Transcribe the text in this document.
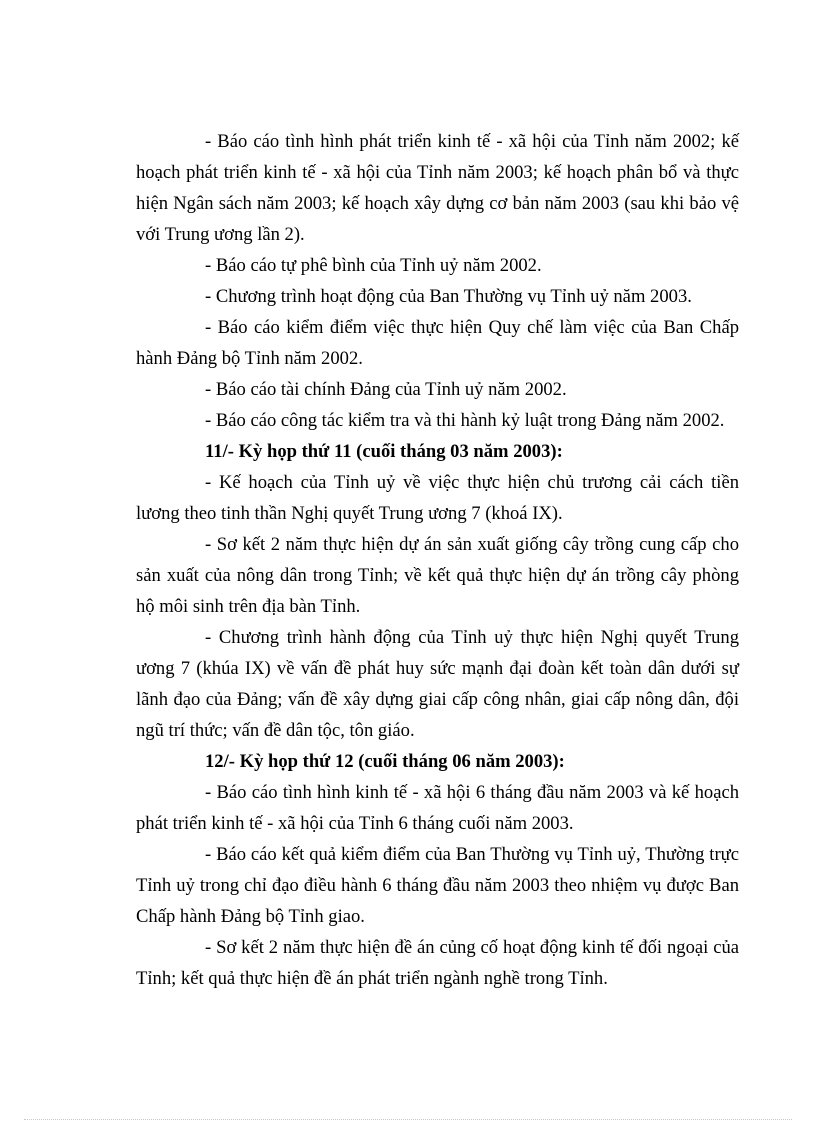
- Báo cáo tình hình phát triển kinh tế - xã hội của Tỉnh năm 2002; kế hoạch phát triển kinh tế - xã hội của Tỉnh năm 2003; kế hoạch phân bổ và thực hiện Ngân sách năm 2003; kế hoạch xây dựng cơ bản năm 2003 (sau khi bảo vệ với Trung ương lần 2).

- Báo cáo tự phê bình của Tỉnh uỷ năm 2002.

- Chương trình hoạt động của Ban Thường vụ Tỉnh uỷ năm 2003.

- Báo cáo kiểm điểm việc thực hiện Quy chế làm việc của Ban Chấp hành Đảng bộ Tỉnh năm 2002.

- Báo cáo tài chính Đảng của Tỉnh uỷ năm 2002.

- Báo cáo công tác kiểm tra và thi hành kỷ luật trong Đảng năm 2002.

11/- Kỳ họp thứ 11 (cuối tháng 03 năm 2003):

- Kế hoạch của Tỉnh uỷ về việc thực hiện chủ trương cải cách tiền lương theo tinh thần Nghị quyết Trung ương 7 (khoá IX).

- Sơ kết 2 năm thực hiện dự án sản xuất giống cây trồng cung cấp cho sản xuất của nông dân trong Tỉnh; về kết quả thực hiện dự án trồng cây phòng hộ môi sinh trên địa bàn Tỉnh.

- Chương trình hành động của Tỉnh uỷ thực hiện Nghị quyết Trung ương 7 (khúa IX) về vấn đề phát huy sức mạnh đại đoàn kết toàn dân dưới sự lãnh đạo của Đảng; vấn đề xây dựng giai cấp công nhân, giai cấp nông dân, đội ngũ trí thức; vấn đề dân tộc, tôn giáo.

12/- Kỳ họp thứ 12 (cuối tháng 06 năm 2003):

- Báo cáo tình hình kinh tế - xã hội 6 tháng đầu năm 2003 và kế hoạch phát triển kinh tế - xã hội của Tỉnh 6 tháng cuối năm 2003.

- Báo cáo kết quả kiểm điểm của Ban Thường vụ Tỉnh uỷ, Thường trực Tỉnh uỷ trong chỉ đạo điều hành 6 tháng đầu năm 2003 theo nhiệm vụ được Ban Chấp hành Đảng bộ Tỉnh giao.

- Sơ kết 2 năm thực hiện đề án củng cố hoạt động kinh tế đối ngoại của Tỉnh; kết quả thực hiện đề án phát triển ngành nghề trong Tỉnh.
